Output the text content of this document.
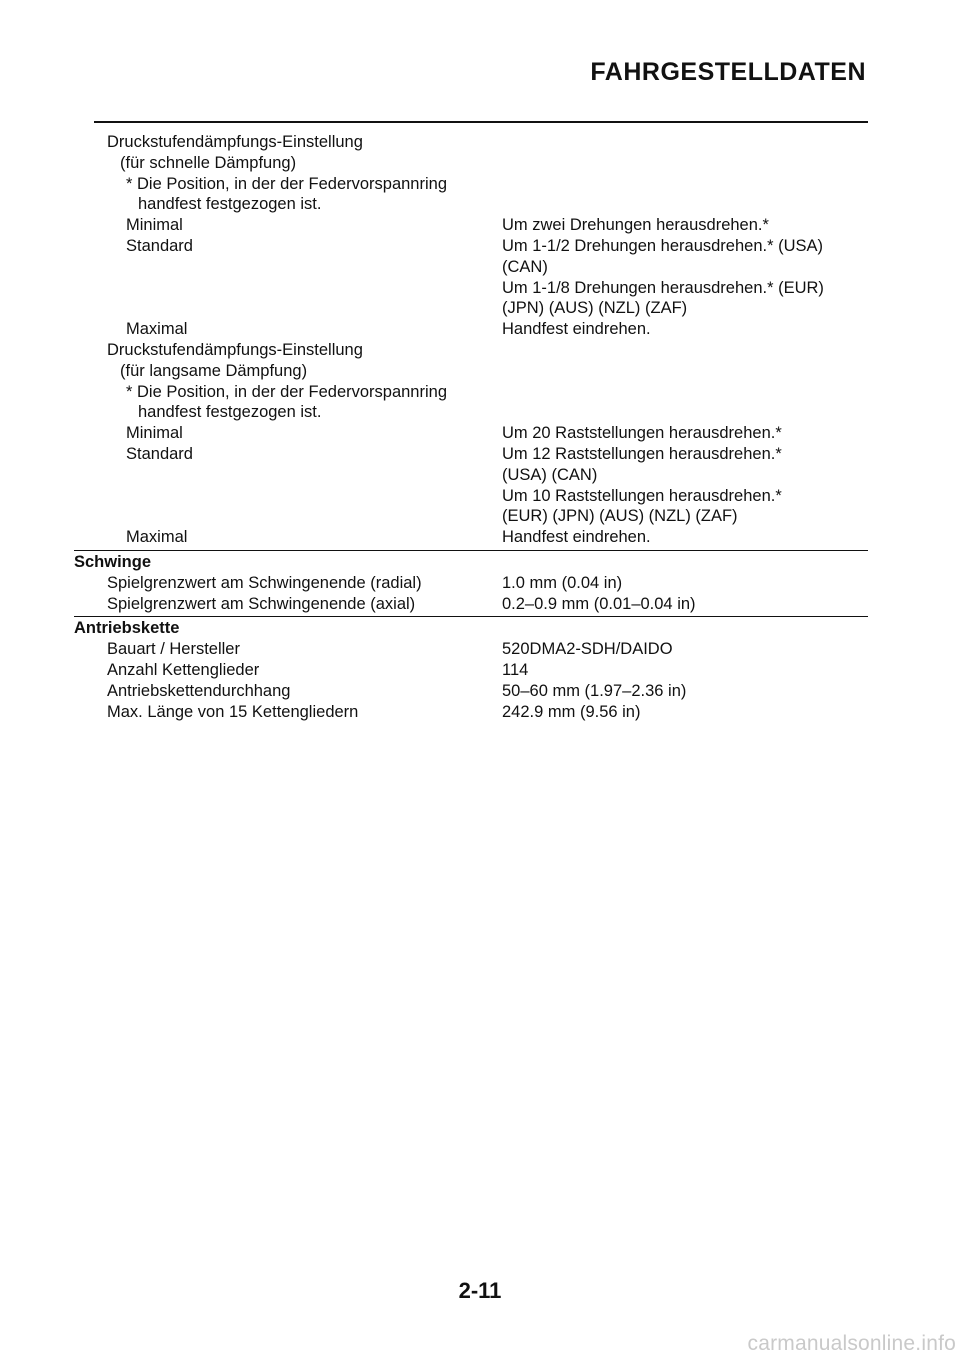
FAHRGESTELLDATEN
Druckstufendämpfungs-Einstellung
(für schnelle Dämpfung)
* Die Position, in der der Federvorspannring
handfest festgezogen ist.
Minimal	Um zwei Drehungen herausdrehen.*
Standard	Um 1-1/2 Drehungen herausdrehen.* (USA)
(CAN)
Um 1-1/8 Drehungen herausdrehen.* (EUR)
(JPN) (AUS) (NZL) (ZAF)
Maximal	Handfest eindrehen.
Druckstufendämpfungs-Einstellung
(für langsame Dämpfung)
* Die Position, in der der Federvorspannring
handfest festgezogen ist.
Minimal	Um 20 Raststellungen herausdrehen.*
Standard	Um 12 Raststellungen herausdrehen.*
(USA) (CAN)
Um 10 Raststellungen herausdrehen.*
(EUR) (JPN) (AUS) (NZL) (ZAF)
Maximal	Handfest eindrehen.
Schwinge
Spielgrenzwert am Schwingenende (radial)	1.0 mm (0.04 in)
Spielgrenzwert am Schwingenende (axial)	0.2–0.9 mm (0.01–0.04 in)
Antriebskette
Bauart / Hersteller	520DMA2-SDH/DAIDO
Anzahl Kettenglieder	114
Antriebskettendurchhang	50–60 mm (1.97–2.36 in)
Max. Länge von 15 Kettengliedern	242.9 mm (9.56 in)
2-11
carmanualsonline.info
